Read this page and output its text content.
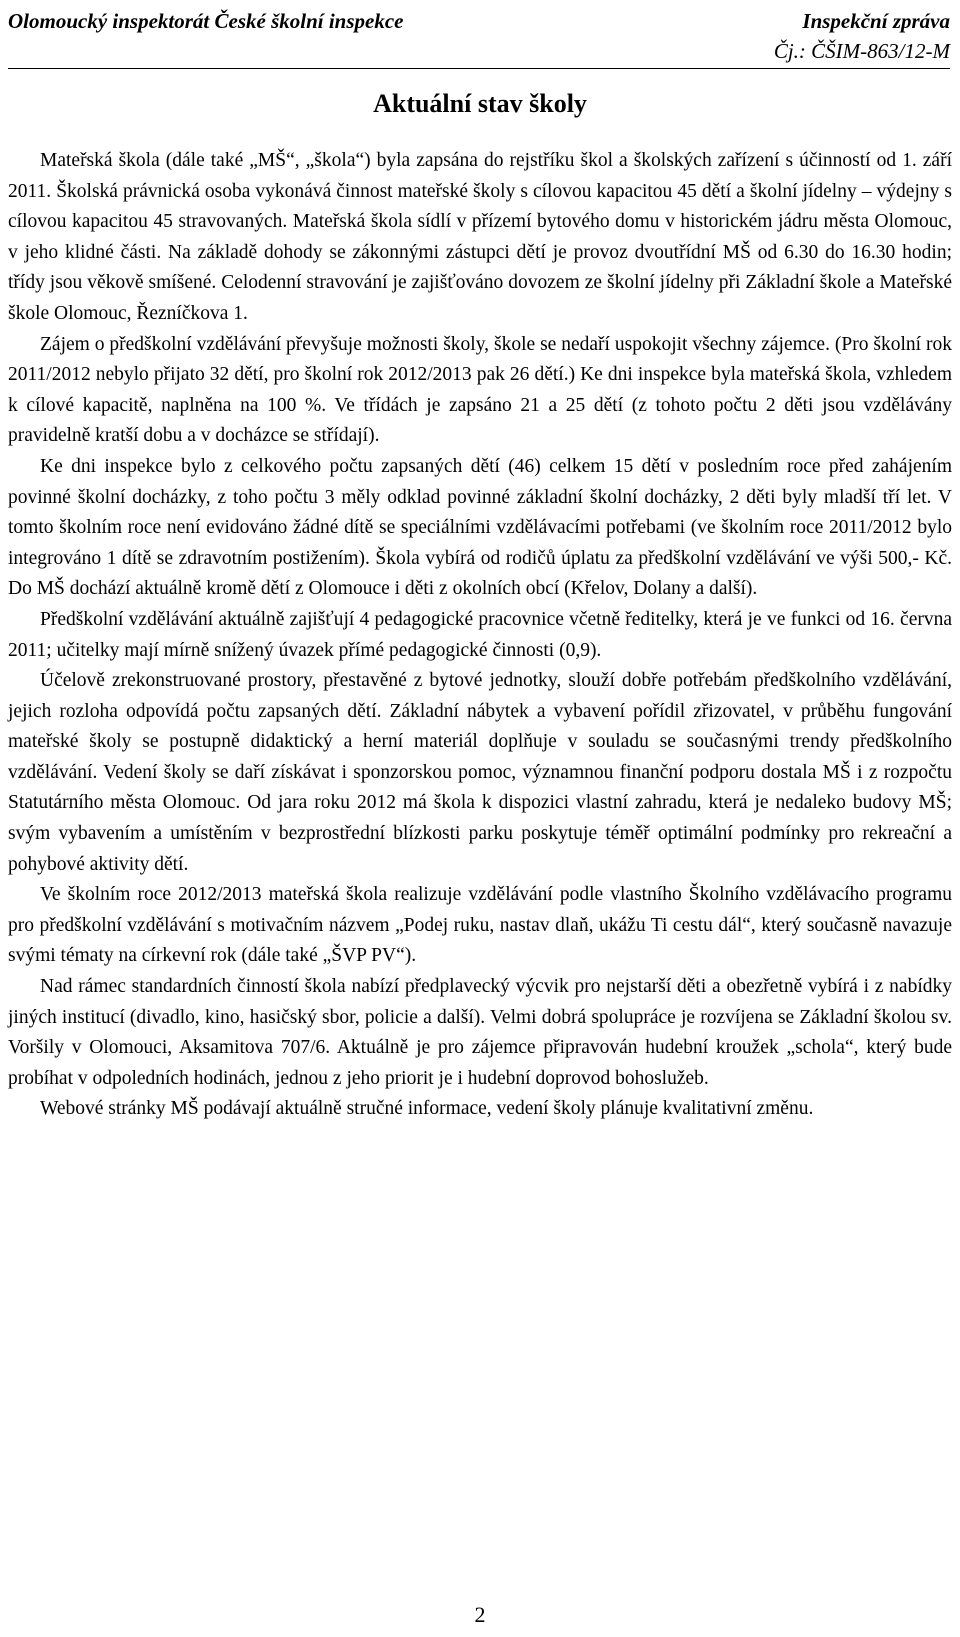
Olomoucký inspektorát České školní inspekce	Inspekční zpráva
Čj.: ČŠIM-863/12-M
Aktuální stav školy

Mateřská škola (dále také „MŠ“, „škola“) byla zapsána do rejstříku škol a školských zařízení s účinností od 1. září 2011. Školská právnická osoba vykonává činnost mateřské školy s cílovou kapacitou 45 dětí a školní jídelny – výdejny s cílovou kapacitou 45 stravovaných. Mateřská škola sídlí v přízemí bytového domu v historickém jádru města Olomouc, v jeho klidné části. Na základě dohody se zákonnými zástupci dětí je provoz dvoutřídní MŠ od 6.30 do 16.30 hodin; třídy jsou věkově smíšené. Celodenní stravování je zajišťováno dovozem ze školní jídelny při Základní škole a Mateřské škole Olomouc, Řezníčkova 1.

Zájem o předškolní vzdělávání převyšuje možnosti školy, škole se nedaří uspokojit všechny zájemce. (Pro školní rok 2011/2012 nebylo přijato 32 dětí, pro školní rok 2012/2013 pak 26 dětí.) Ke dni inspekce byla mateřská škola, vzhledem k cílové kapacitě, naplněna na 100 %. Ve třídách je zapsáno 21 a 25 dětí (z tohoto počtu 2 děti jsou vzdělávány pravidelně kratší dobu a v docházce se střídají).

Ke dni inspekce bylo z celkového počtu zapsaných dětí (46) celkem 15 dětí v posledním roce před zahájením povinné školní docházky, z toho počtu 3 měly odklad povinné základní školní docházky, 2 děti byly mladší tří let. V tomto školním roce není evidováno žádné dítě se speciálními vzdělávacími potřebami (ve školním roce 2011/2012 bylo integrováno 1 dítě se zdravotním postižením). Škola vybírá od rodičů úplatu za předškolní vzdělávání ve výši 500,- Kč. Do MŠ dochází aktuálně kromě dětí z Olomouce i děti z okolních obcí (Křelov, Dolany a další).

Předškolní vzdělávání aktuálně zajišťují 4 pedagogické pracovnice včetně ředitelky, která je ve funkci od 16. června 2011; učitelky mají mírně snížený úvazek přímé pedagogické činnosti (0,9).

Účelově zrekonstruované prostory, přestavěné z bytové jednotky, slouží dobře potřebám předškolního vzdělávání, jejich rozloha odpovídá počtu zapsaných dětí. Základní nábytek a vybavení pořídil zřizovatel, v průběhu fungování mateřské školy se postupně didaktický a herní materiál doplňuje v souladu se současnými trendy předškolního vzdělávání. Vedení školy se daří získávat i sponzorskou pomoc, významnou finanční podporu dostala MŠ i z rozpočtu Statutárního města Olomouc. Od jara roku 2012 má škola k dispozici vlastní zahradu, která je nedaleko budovy MŠ; svým vybavením a umístěním v bezprostřední blízkosti parku poskytuje téměř optimální podmínky pro rekreační a pohybové aktivity dětí.

Ve školním roce 2012/2013 mateřská škola realizuje vzdělávání podle vlastního Školního vzdělávacího programu pro předškolní vzdělávání s motivačním názvem „Podej ruku, nastav dlaň, ukážu Ti cestu dál“, který současně navazuje svými tématy na církevní rok (dále také „ŠVP PV“).

Nad rámec standardních činností škola nabízí předplavecký výcvik pro nejstarší děti a obezřetně vybírá i z nabídky jiných institucí (divadlo, kino, hasičský sbor, policie a další). Velmi dobrá spolupráce je rozvíjena se Základní školou sv. Voršily v Olomouci, Aksamitova 707/6. Aktuálně je pro zájemce připravován hudební kroužek „schola“, který bude probíhat v odpoledních hodinách, jednou z jeho priorit je i hudební doprovod bohoslužeb.

Webové stránky MŠ podávají aktuálně stručné informace, vedení školy plánuje kvalitativní změnu.

2
